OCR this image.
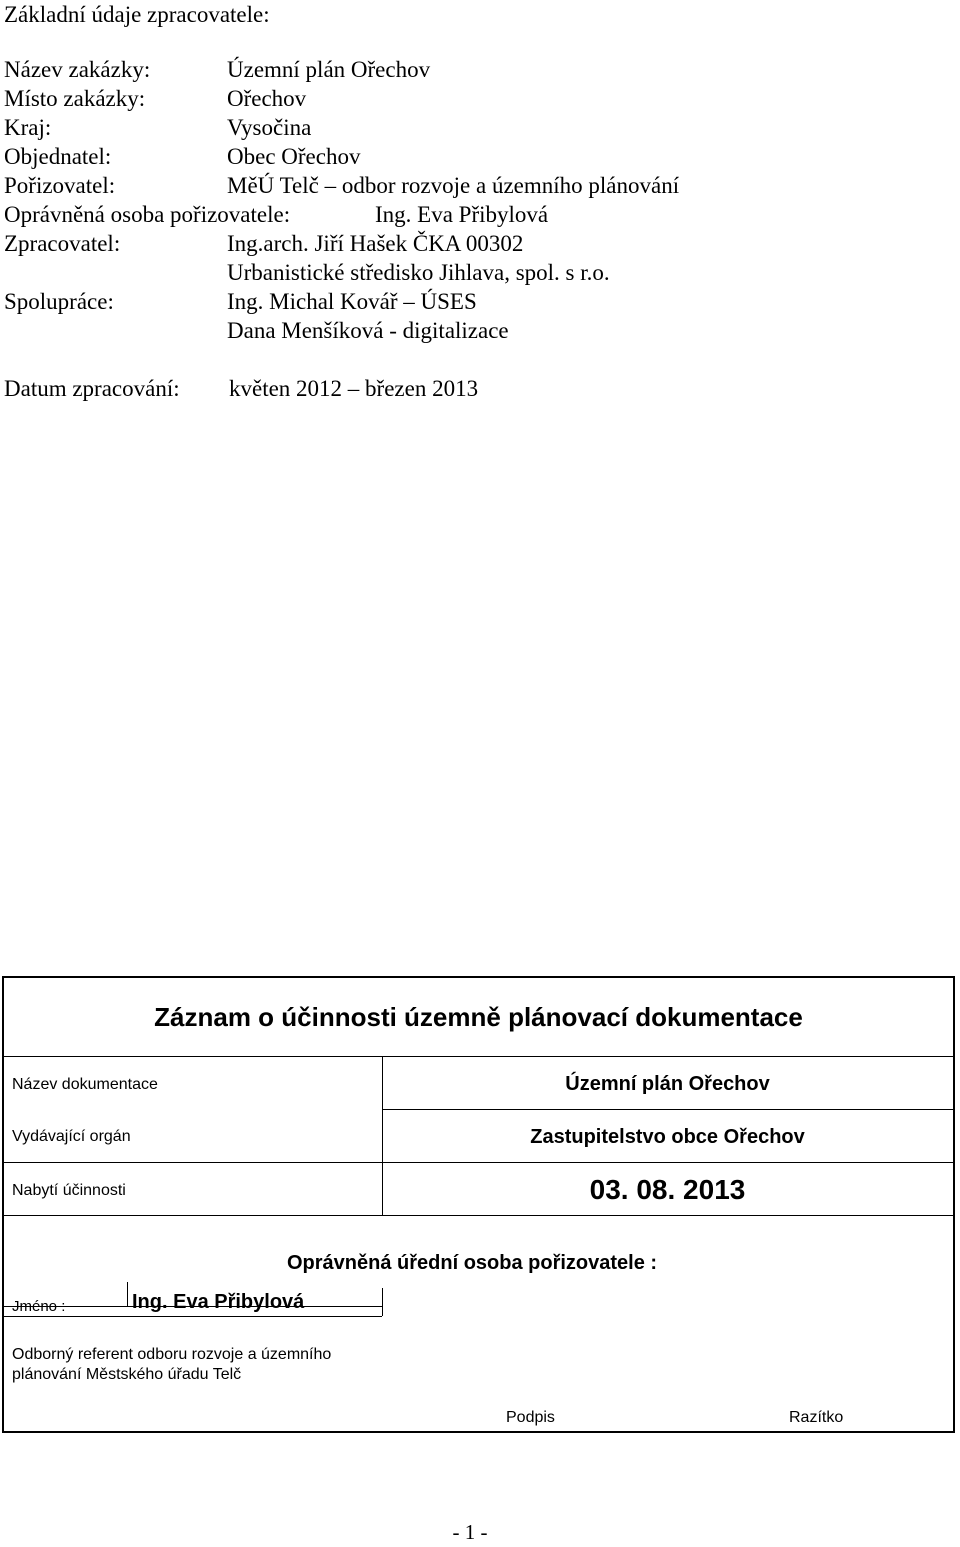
Základní údaje zpracovatele:
Název zakázky:	Územní plán Ořechov
Místo zakázky:	Ořechov
Kraj:	Vysočina
Objednatel:	Obec Ořechov
Pořizovatel:	MěÚ Telč – odbor rozvoje a územního plánování
Oprávněná osoba pořizovatele:	Ing. Eva Přibylová
Zpracovatel:	Ing.arch. Jiří Hašek ČKA 00302
Urbanistické středisko Jihlava, spol. s r.o.
Spolupráce:	Ing. Michal Kovář – ÚSES
Dana Menšíková - digitalizace
Datum zpracování: květen 2012 – březen 2013
Záznam o účinnosti územně plánovací dokumentace
Název dokumentace	Územní plán Ořechov
Vydávající orgán	Zastupitelstvo obce Ořechov
Nabytí účinnosti	03. 08. 2013
Oprávněná úřední osoba pořizovatele :
Jméno :	Ing. Eva Přibylová
Odborný referent odboru rozvoje a územního
plánování Městského úřadu Telč
Podpis	Razítko
- 1 -
